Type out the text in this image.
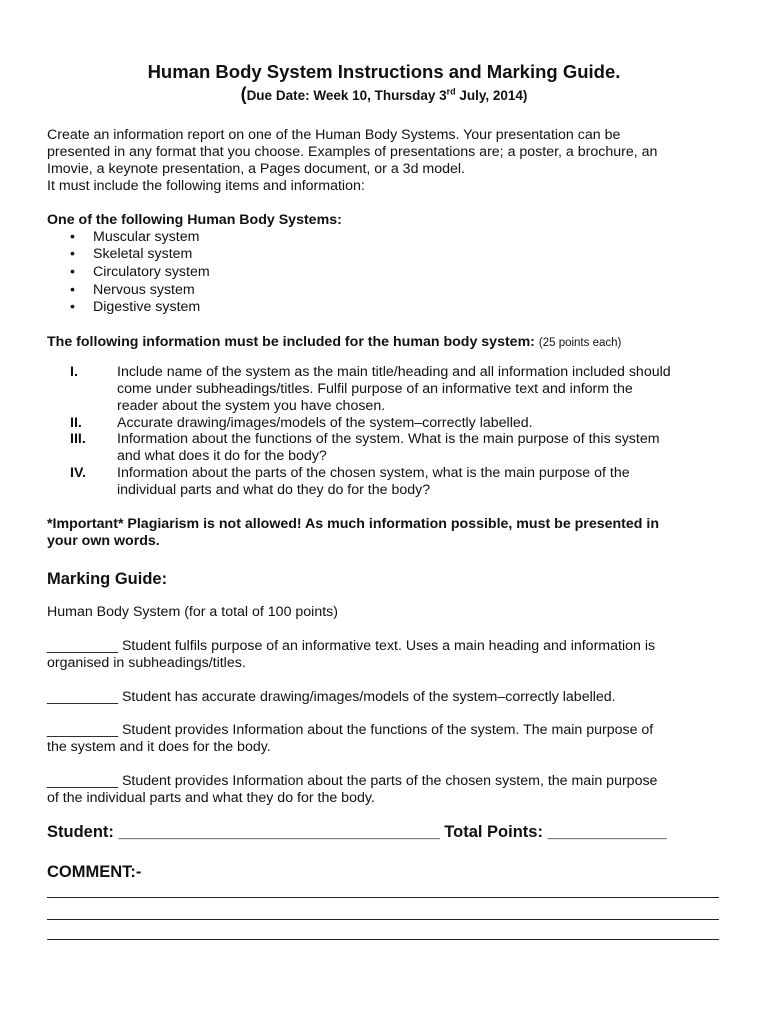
Human Body System Instructions and Marking Guide.
(Due Date: Week 10, Thursday 3rd July, 2014)
Create an information report on one of the Human Body Systems. Your presentation can be
presented in any format that you choose. Examples of presentations are; a poster, a brochure, an
Imovie, a keynote presentation, a Pages document, or a 3d model.
It must include the following items and information:
One of the following Human Body Systems:
• Muscular system
• Skeletal system
• Circulatory system
• Nervous system
• Digestive system
The following information must be included for the human body system: (25 points each)
I.	Include name of the system as the main title/heading and all information included should
come under subheadings/titles. Fulfil purpose of an informative text and inform the
reader about the system you have chosen.
II. Accurate drawing/images/models of the system–correctly labelled.
III. Information about the functions of the system. What is the main purpose of this system
and what does it do for the body?
IV. Information about the parts of the chosen system, what is the main purpose of the
individual parts and what do they do for the body?
*Important* Plagiarism is not allowed! As much information possible, must be presented in
your own words.
Marking Guide:
Human Body System (for a total of 100 points)
_________ Student fulfils purpose of an informative text. Uses a main heading and information is
organised in subheadings/titles.
_________ Student has accurate drawing/images/models of the system–correctly labelled.
_________ Student provides Information about the functions of the system. The main purpose of
the system and it does for the body.
_________ Student provides Information about the parts of the chosen system, the main purpose
of the individual parts and what they do for the body.
Student: ___________________________________ Total Points: _____________
COMMENT:-
